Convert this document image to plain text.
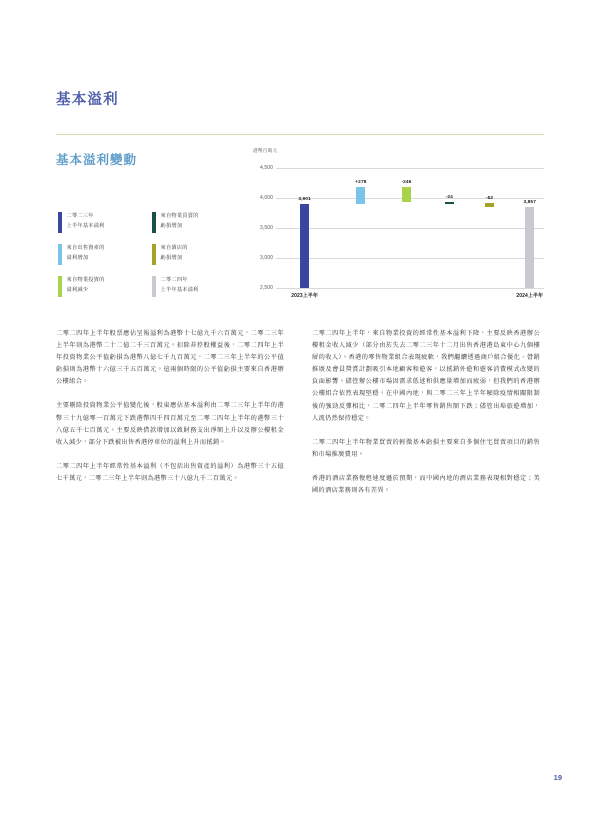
基本溢利
基本溢利變動
港幣百萬元
4,500
4,000
3,500
3,000
2,500
3,901
+278	-246
-24	-52
3,857
2023上半年	2024上半年
二零二三年
上半年基本溢利
來自出售資產的
溢利增加
來自物業投資的
溢利減少
來自物業買賣的
虧損增加
來自酒店的
虧損增加
二零二四年
上半年基本溢利
二零二四年上半年股票應佔呈報溢利為港幣十七億九千六百萬元，二零二三年上半年則為港幣二十二億二千三百萬元。扣除非控股權益後，二零二四年上半年投資物業公平值虧損為港幣八億七千九百萬元，二零二三年上半年的公平值虧損則為港幣十六億三千五百萬元。這兩個時限的公平值虧損主要來自香港辦公樓組合。
主要剔除投資物業公平值變化後，股東應佔基本溢利由二零二三年上半年的港幣三十九億零一百萬元下跌港幣四千四百萬元至二零二四年上半年的港幣三十八億五千七百萬元。主要反映借款增加以致財務支出淨額上升以及辦公樓租金收入減少，部分下跌被出售香港停車位的溢利上升而抵銷。
二零二四年上半年經常性基本溢利（不包括出售資產的溢利）為港幣三十五億七千萬元，二零二三年上半年則為港幣三十八億九千二百萬元。
二零二四年上半年，來自物業投資的經常性基本溢利下降，主要反映香港辦公樓租金收入減少（部分由於失去二零二三年十二月出售香港港島東中心九個樓層的收入）。香港的零售物業組合表現疲軟，我們繼續透過商戶組合優化、營銷推廣及會員獎賞計劃吸引本地顧客和遊客，以抵銷外遊和遊客消費模式改變的負面影響。儘管辦公樓市場因需求低迷和供應量增加而疲弱，但我們的香港辦公樓組合依然表現堅穩。在中國內地，與二零二三年上半年解除疫情相關限制後的強勁反彈相比，二零二四年上半年零售銷售額下跌；儘管出埠旅遊增加，人流仍然保持穩定。
二零二四年上半年物業買賣的輕微基本虧損主要來自多個住宅買賣項目的銷售和市場推廣費用。
香港的酒店業務復甦速度遜於預期，而中國內地的酒店業務表現相對穩定；美國的酒店業務則各有差異。
19
